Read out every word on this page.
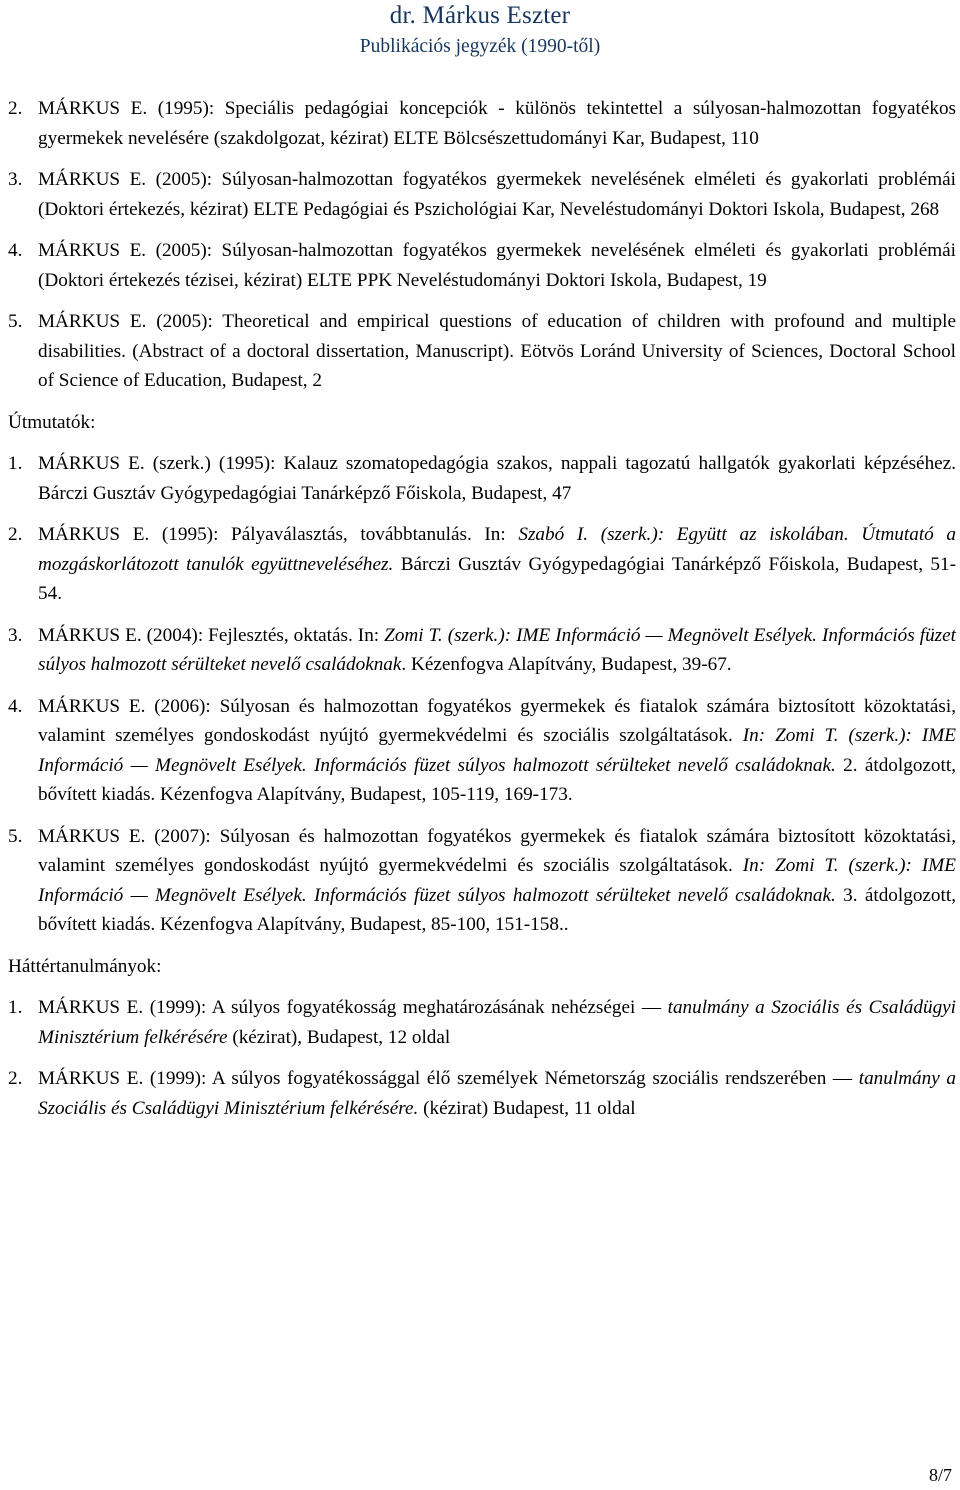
dr. Márkus Eszter
Publikációs jegyzék (1990-től)
2. MÁRKUS E. (1995): Speciális pedagógiai koncepciók - különös tekintettel a súlyosan-halmozottan fogyatékos gyermekek nevelésére (szakdolgozat, kézirat) ELTE Bölcsészettudományi Kar, Budapest, 110
3. MÁRKUS E. (2005): Súlyosan-halmozottan fogyatékos gyermekek nevelésének elméleti és gyakorlati problémái (Doktori értekezés, kézirat) ELTE Pedagógiai és Pszichológiai Kar, Neveléstudományi Doktori Iskola, Budapest, 268
4. MÁRKUS E. (2005): Súlyosan-halmozottan fogyatékos gyermekek nevelésének elméleti és gyakorlati problémái (Doktori értekezés tézisei, kézirat) ELTE PPK Neveléstudományi Doktori Iskola, Budapest, 19
5. MÁRKUS E. (2005): Theoretical and empirical questions of education of children with profound and multiple disabilities. (Abstract of a doctoral dissertation, Manuscript). Eötvös Loránd University of Sciences, Doctoral School of Science of Education, Budapest, 2
Útmutatók:
1. MÁRKUS E. (szerk.) (1995): Kalauz szomatopedagógia szakos, nappali tagozatú hallgatók gyakorlati képzéséhez. Bárczi Gusztáv Gyógypedagógiai Tanárképző Főiskola, Budapest, 47
2. MÁRKUS E. (1995): Pályaválasztás, továbbtanulás. In: Szabó I. (szerk.): Együtt az iskolában. Útmutató a mozgáskorlátozott tanulók együttneveléséhez. Bárczi Gusztáv Gyógypedagógiai Tanárképző Főiskola, Budapest, 51-54.
3. MÁRKUS E. (2004): Fejlesztés, oktatás. In: Zomi T. (szerk.): IME Információ — Megnövelt Esélyek. Információs füzet súlyos halmozott sérülteket nevelő családoknak. Kézenfogva Alapítvány, Budapest, 39-67.
4. MÁRKUS E. (2006): Súlyosan és halmozottan fogyatékos gyermekek és fiatalok számára biztosított közoktatási, valamint személyes gondoskodást nyújtó gyermekvédelmi és szociális szolgáltatások. In: Zomi T. (szerk.): IME Információ — Megnövelt Esélyek. Információs füzet súlyos halmozott sérülteket nevelő családoknak. 2. átdolgozott, bővített kiadás. Kézenfogva Alapítvány, Budapest, 105-119, 169-173.
5. MÁRKUS E. (2007): Súlyosan és halmozottan fogyatékos gyermekek és fiatalok számára biztosított közoktatási, valamint személyes gondoskodást nyújtó gyermekvédelmi és szociális szolgáltatások. In: Zomi T. (szerk.): IME Információ — Megnövelt Esélyek. Információs füzet súlyos halmozott sérülteket nevelő családoknak. 3. átdolgozott, bővített kiadás. Kézenfogva Alapítvány, Budapest, 85-100, 151-158..
Háttértanulmányok:
1. MÁRKUS E. (1999): A súlyos fogyatékosság meghatározásának nehézségei — tanulmány a Szociális és Családügyi Minisztérium felkérésére (kézirat), Budapest, 12 oldal
2. MÁRKUS E. (1999): A súlyos fogyatékossággal élő személyek Németország szociális rendszerében — tanulmány a Szociális és Családügyi Minisztérium felkérésére. (kézirat) Budapest, 11 oldal
8/7
